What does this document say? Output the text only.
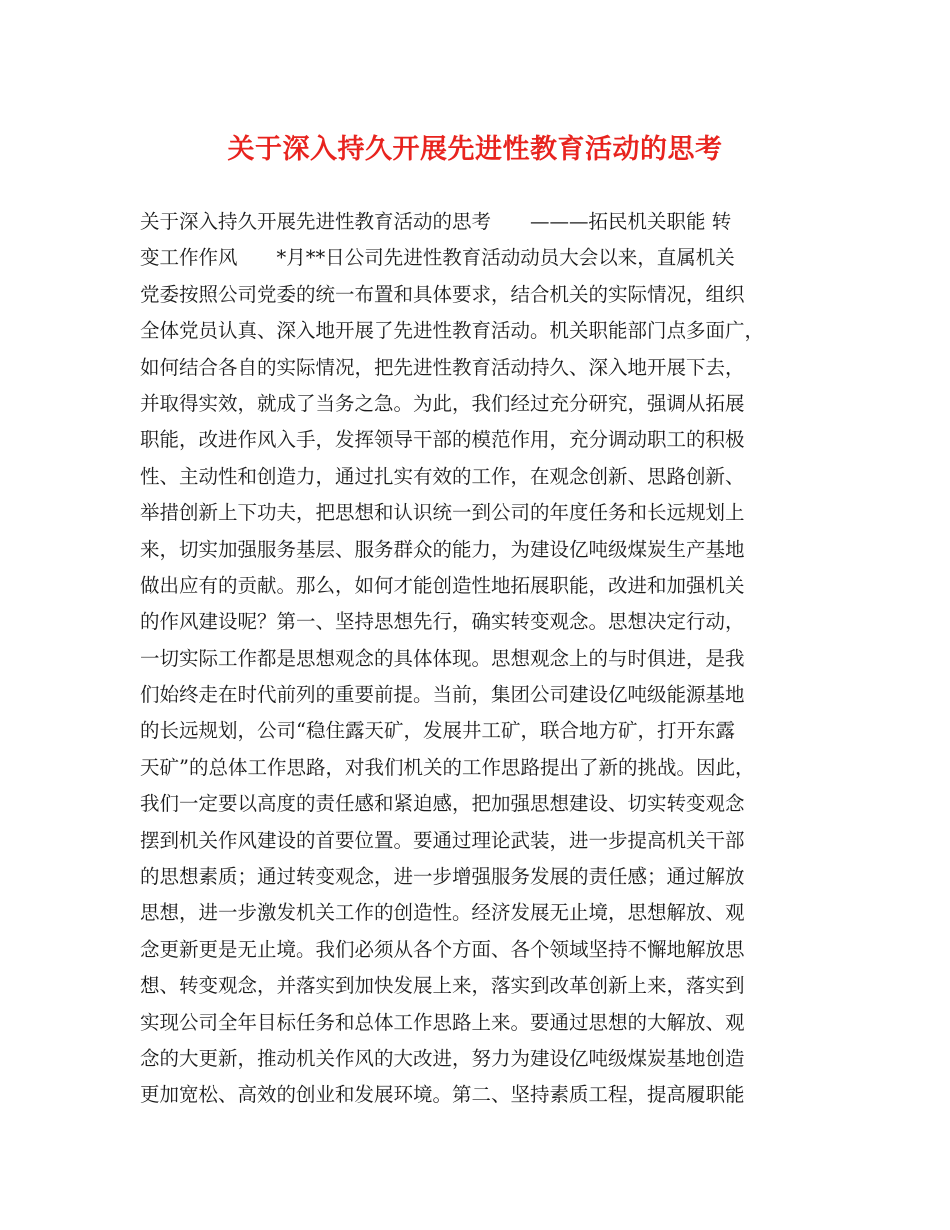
关于深入持久开展先进性教育活动的思考
关于深入持久开展先进性教育活动的思考　　———拓民机关职能 转
变工作作风　　*月**日公司先进性教育活动动员大会以来，直属机关
党委按照公司党委的统一布置和具体要求，结合机关的实际情况，组织
全体党员认真、深入地开展了先进性教育活动。机关职能部门点多面广，
如何结合各自的实际情况，把先进性教育活动持久、深入地开展下去，
并取得实效，就成了当务之急。为此，我们经过充分研究，强调从拓展
职能，改进作风入手，发挥领导干部的模范作用，充分调动职工的积极
性、主动性和创造力，通过扎实有效的工作，在观念创新、思路创新、
举措创新上下功夫，把思想和认识统一到公司的年度任务和长远规划上
来，切实加强服务基层、服务群众的能力，为建设亿吨级煤炭生产基地
做出应有的贡献。那么，如何才能创造性地拓展职能，改进和加强机关
的作风建设呢？第一、坚持思想先行，确实转变观念。思想决定行动，
一切实际工作都是思想观念的具体体现。思想观念上的与时俱进，是我
们始终走在时代前列的重要前提。当前，集团公司建设亿吨级能源基地
的长远规划，公司“稳住露天矿，发展井工矿，联合地方矿，打开东露
天矿”的总体工作思路，对我们机关的工作思路提出了新的挑战。因此，
我们一定要以高度的责任感和紧迫感，把加强思想建设、切实转变观念
摆到机关作风建设的首要位置。要通过理论武装，进一步提高机关干部
的思想素质；通过转变观念，进一步增强服务发展的责任感；通过解放
思想，进一步激发机关工作的创造性。经济发展无止境，思想解放、观
念更新更是无止境。我们必须从各个方面、各个领域坚持不懈地解放思
想、转变观念，并落实到加快发展上来，落实到改革创新上来，落实到
实现公司全年目标任务和总体工作思路上来。要通过思想的大解放、观
念的大更新，推动机关作风的大改进，努力为建设亿吨级煤炭基地创造
更加宽松、高效的创业和发展环境。第二、坚持素质工程，提高履职能
